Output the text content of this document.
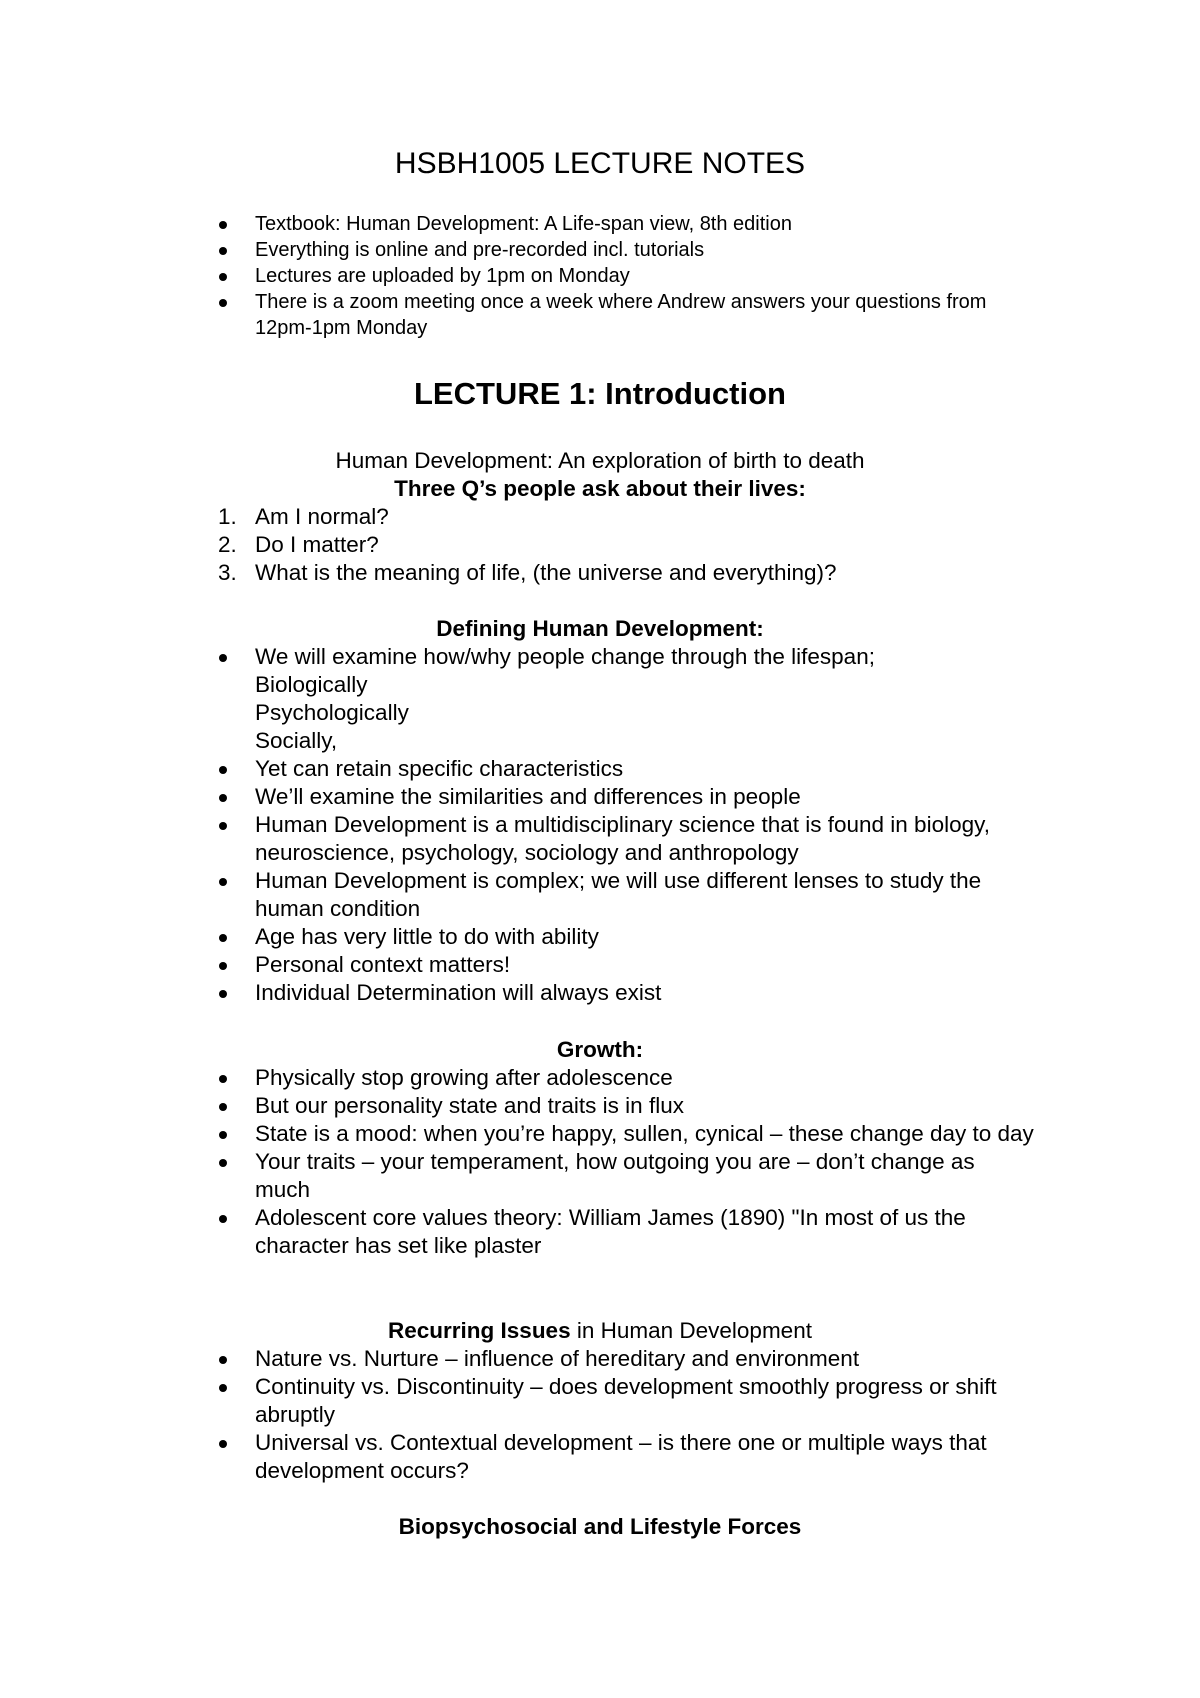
HSBH1005 LECTURE NOTES
Textbook: Human Development: A Life-span view, 8th edition
Everything is online and pre-recorded incl. tutorials
Lectures are uploaded by 1pm on Monday
There is a zoom meeting once a week where Andrew answers your questions from 12pm-1pm Monday
LECTURE 1: Introduction

Human Development: An exploration of birth to death

Three Q’s people ask about their lives:

1. Am I normal?
2. Do I matter?
3. What is the meaning of life, (the universe and everything)?

Defining Human Development:

We will examine how/why people change through the lifespan;
Biologically
Psychologically
Socially,
Yet can retain specific characteristics
We’ll examine the similarities and differences in people
Human Development is a multidisciplinary science that is found in biology, neuroscience, psychology, sociology and anthropology
Human Development is complex; we will use different lenses to study the human condition
Age has very little to do with ability
Personal context matters!
Individual Determination will always exist

Growth:

Physically stop growing after adolescence
But our personality state and traits is in flux
State is a mood: when you’re happy, sullen, cynical – these change day to day
Your traits – your temperament, how outgoing you are – don’t change as much
Adolescent core values theory: William James (1890) "In most of us the character has set like plaster

Recurring Issues in Human Development

Nature vs. Nurture – influence of hereditary and environment
Continuity vs. Discontinuity – does development smoothly progress or shift abruptly
Universal vs. Contextual development – is there one or multiple ways that development occurs?

Biopsychosocial and Lifestyle Forces
